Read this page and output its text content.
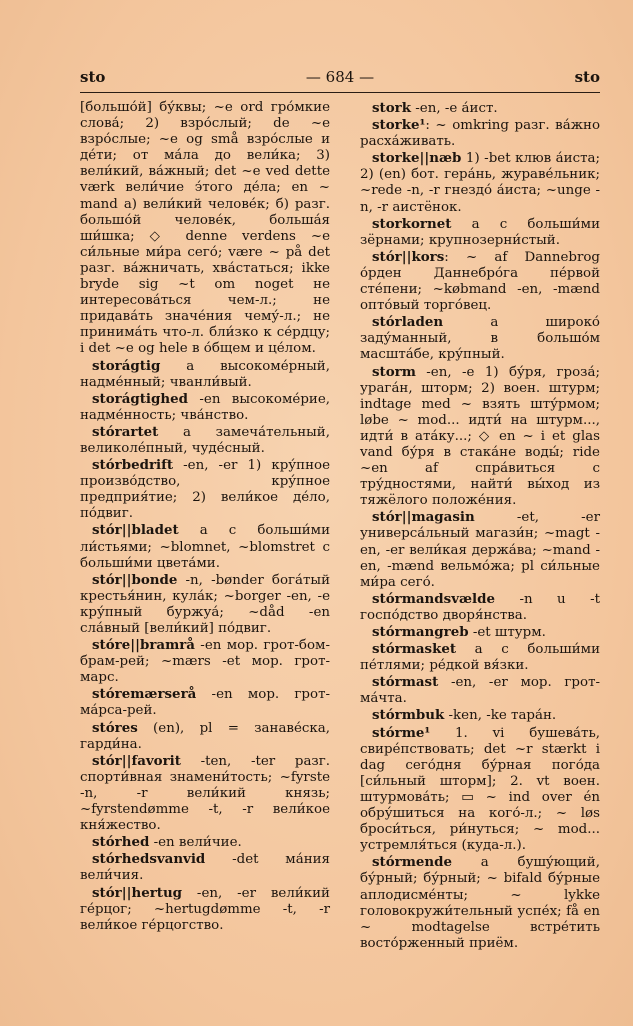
— 684 —
sto	sto
[большо́й] бу́квы; ~e ord гро́мкие слова́; 2) взро́слый; de ~e взро́слые; ~e og små взро́слые и де́ти; от ма́ла до вели́ка; 3) вели́кий, ва́жный; det ~e ved dette værk вели́чие э́того де́ла; en ~ mand a) вели́кий челове́к; б) разг. большо́й челове́к, больша́я ши́шка; ◇ denne verdens ~e си́льные ми́ра сего́; være ~ på det разг. ва́жничать, хва́статься; ikke bryde sig ~t om noget не интересова́ться чем-л.; не придава́ть значе́ния чему́-л.; не принима́ть что-л. бли́зко к се́рдцу; i det ~e og hele в о́бщем и це́лом.
storágtig a высокоме́рный, надме́нный; чванли́вый.
storágtighed -en высокоме́рие, надме́нность; чва́нство.
stórartet a замеча́тельный, великоле́пный, чуде́сный.
stórbedrift -en, -er 1) кру́пное произво́дство, кру́пное предприя́тие; 2) вели́кое де́ло, по́двиг.
stór||bladet a с больши́ми ли́стьями; ~blomnet, ~blomstret с больши́ми цвета́ми.
stór||bonde -n, -bønder бога́тый крестья́нин, кула́к; ~borger -en, -e кру́пный буржуа́; ~dåd -en сла́вный [вели́кий] по́двиг.
stóre||bramrå -en мор. грот-бом-брам-рей; ~mærs -et мор. грот-марс.
stóremærserå -en мор. грот-ма́рса-рей.
stóres (en), pl = занаве́ска, гарди́на.
stór||favorit -ten, -ter разг. спорти́вная знамени́тость; ~fyrste -n, -r вели́кий князь; ~fyrstendømme -t, -r вели́кое кня́жество.
stórhed -en вели́чие.
stórhedsvanvid -det ма́ния вели́чия.
stór||hertug -en, -er вели́кий ге́рцог; ~hertugdømme -t, -r вели́кое ге́рцогство.
stork -en, -e а́ист.
storke¹: ~ omkring разг. ва́жно расха́живать.
storke||næb 1) -bet клюв а́иста; 2) (en) бот. гера́нь, жураве́льник; ~rede -n, -r гнездо́ а́иста; ~unge -n, -r аистёнок.
storkornet a с больши́ми зёрнами; крупнозерни́стый.
stór||kors: ~ af Dannebrog о́рден Даннебро́га пе́рвой сте́пени; ~købmand -en, -mænd опто́вый торго́вец.
stórladen a широко́ заду́манный, в большо́м масшта́бе, кру́пный.
storm -en, -e 1) бу́ря, гроза́; урага́н, шторм; 2) воен. штурм; indtage med ~ взять шту́рмом; løbe ~ mod... идти́ на штурм..., идти́ в ата́ку...; ◇ en ~ i et glas vand бу́ря в стака́не воды́; ride ~en af спра́виться с тру́дностями, найти́ вы́ход из тяжёлого положе́ния.
stór||magasin -et, -er универса́льный магази́н; ~magt -en, -er вели́кая держа́ва; ~mand -en, -mænd вельмо́жа; pl си́льные ми́ра сего́.
stórmandsvælde -n u -t госпо́дство дворя́нства.
stórmangreb -et штурм.
stórmasket a с больши́ми пе́тлями; ре́дкой вя́зки.
stórmast -en, -er мор. грот-ма́чта.
stórmbuk -ken, -ke тара́н.
stórme¹ 1. vi бушева́ть, свире́пствовать; det ~r stærkt i dag сего́дня бу́рная пого́да [си́льный шторм]; 2. vt воен. штурмова́ть; ▭ ~ ind over én обру́шиться на кого́-л.; ~ løs броси́ться, ри́нуться; ~ mod... устремля́ться (куда-л.).
stórmende a бушу́ющий, бу́рный; бу́рный; ~ bifald бу́рные аплодисме́нты; ~ lykke головокружи́тельный успе́х; få en ~ modtagelse встре́тить восто́рженный приём.
